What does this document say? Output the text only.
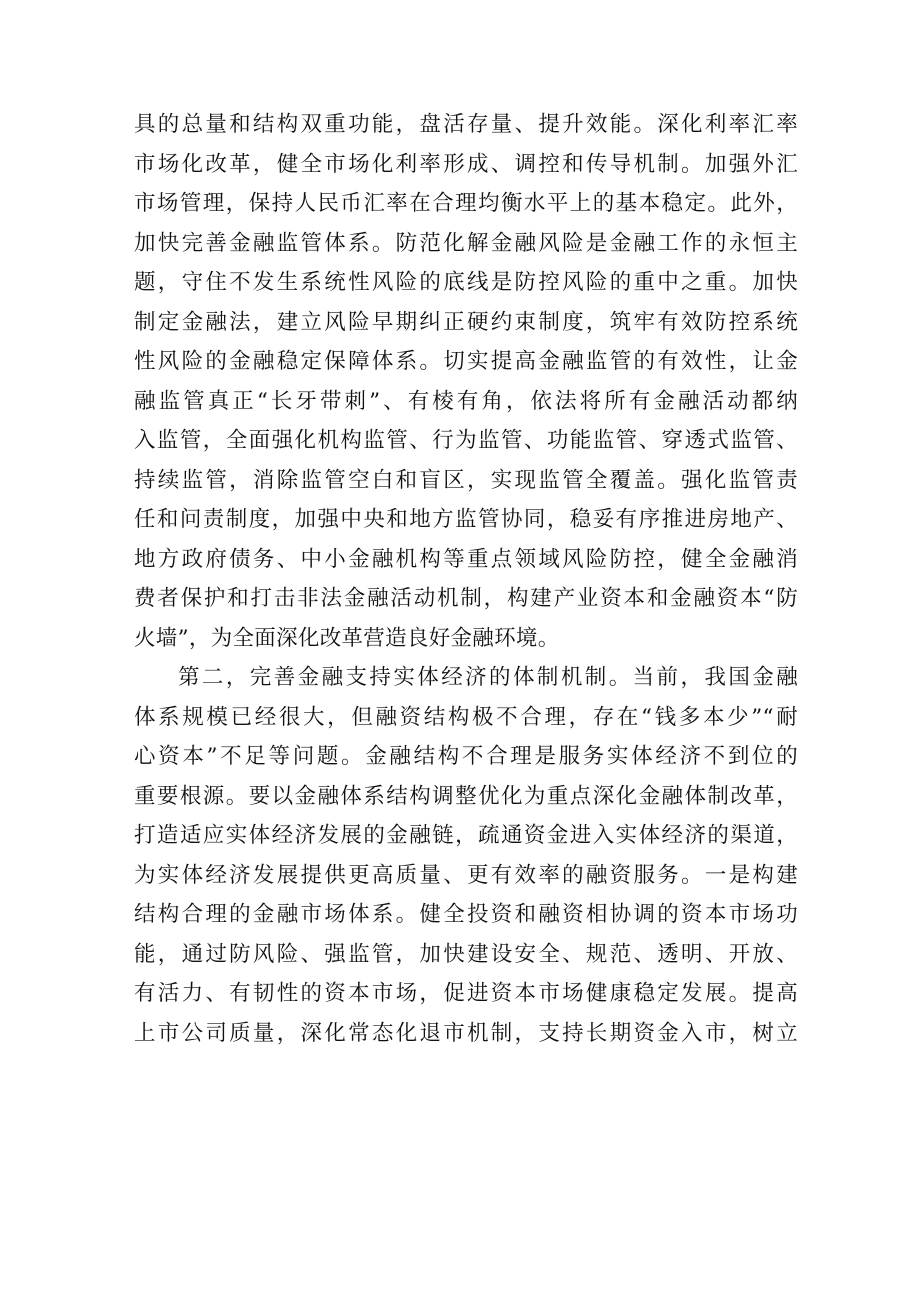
具的总量和结构双重功能，盘活存量、提升效能。深化利率汇率
市场化改革，健全市场化利率形成、调控和传导机制。加强外汇
市场管理，保持人民币汇率在合理均衡水平上的基本稳定。此外，
加快完善金融监管体系。防范化解金融风险是金融工作的永恒主
题，守住不发生系统性风险的底线是防控风险的重中之重。加快
制定金融法，建立风险早期纠正硬约束制度，筑牢有效防控系统
性风险的金融稳定保障体系。切实提高金融监管的有效性，让金
融监管真正“长牙带刺”、有棱有角，依法将所有金融活动都纳
入监管，全面强化机构监管、行为监管、功能监管、穿透式监管、
持续监管，消除监管空白和盲区，实现监管全覆盖。强化监管责
任和问责制度，加强中央和地方监管协同，稳妥有序推进房地产、
地方政府债务、中小金融机构等重点领域风险防控，健全金融消
费者保护和打击非法金融活动机制，构建产业资本和金融资本“防
火墙”，为全面深化改革营造良好金融环境。
第二，完善金融支持实体经济的体制机制。当前，我国金融
体系规模已经很大，但融资结构极不合理，存在“钱多本少”“耐
心资本”不足等问题。金融结构不合理是服务实体经济不到位的
重要根源。要以金融体系结构调整优化为重点深化金融体制改革，
打造适应实体经济发展的金融链，疏通资金进入实体经济的渠道，
为实体经济发展提供更高质量、更有效率的融资服务。一是构建
结构合理的金融市场体系。健全投资和融资相协调的资本市场功
能，通过防风险、强监管，加快建设安全、规范、透明、开放、
有活力、有韧性的资本市场，促进资本市场健康稳定发展。提高
上市公司质量，深化常态化退市机制，支持长期资金入市，树立
